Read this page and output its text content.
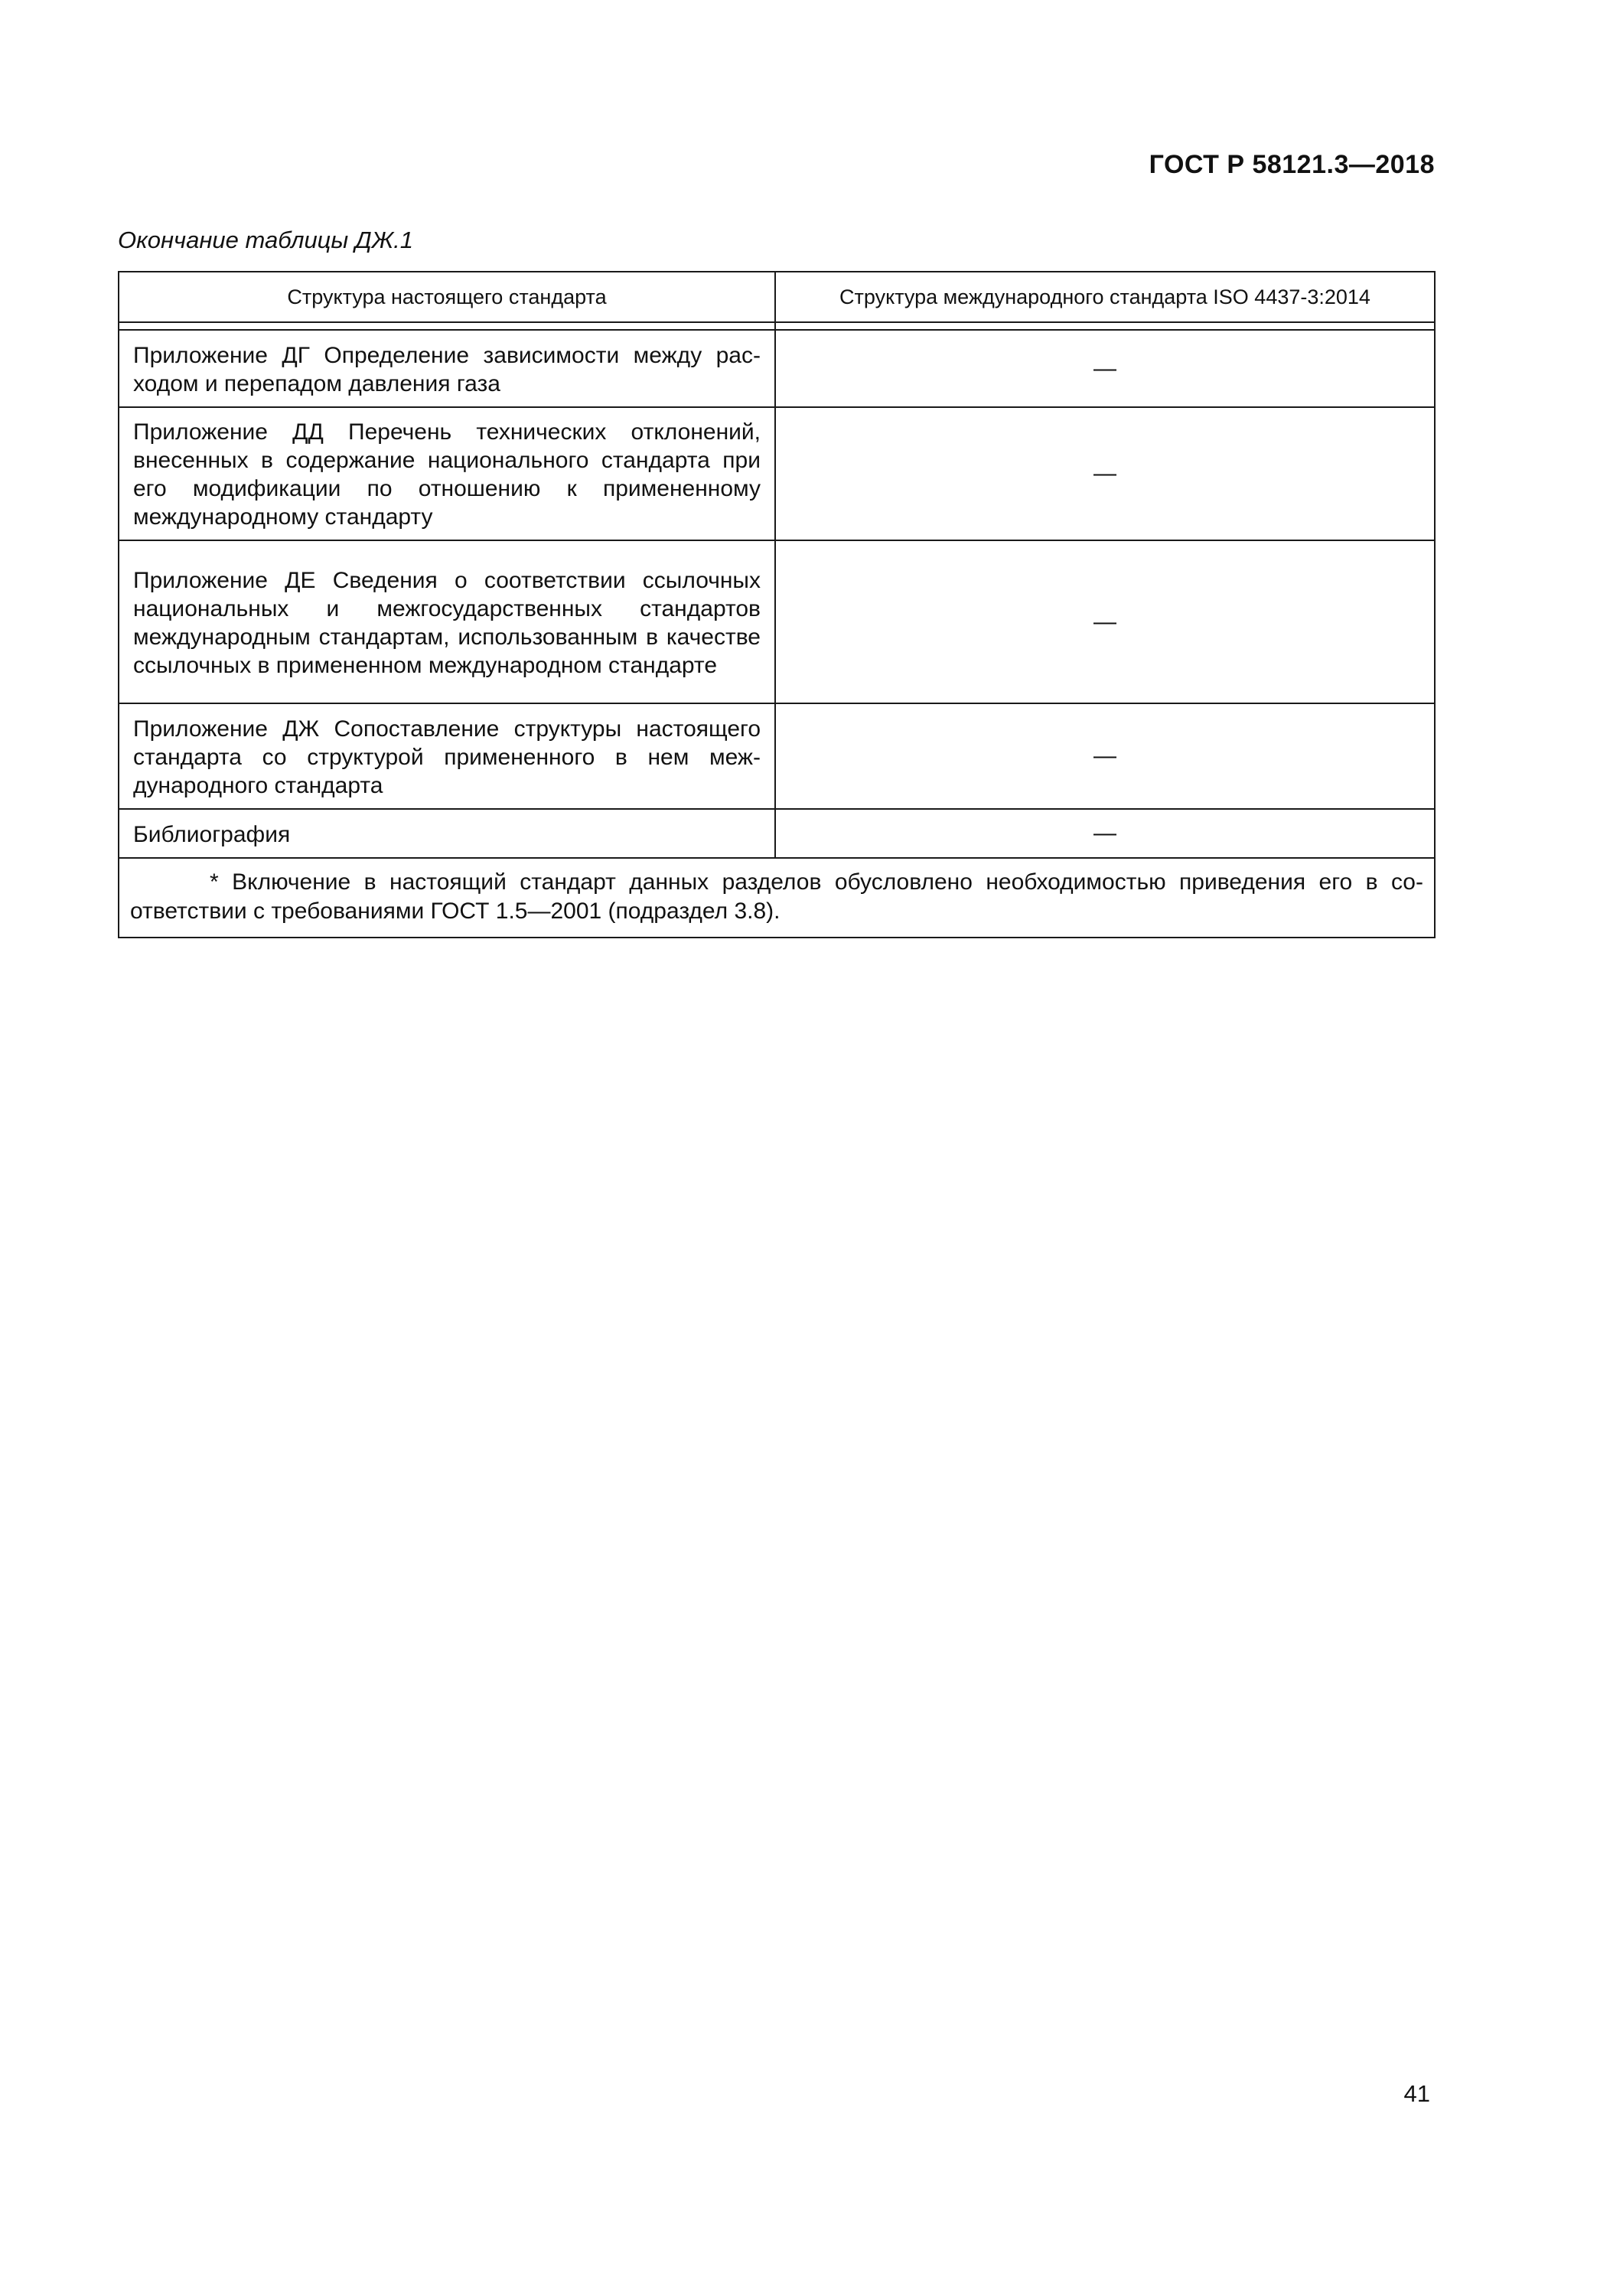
ГОСТ Р 58121.3—2018
Окончание таблицы ДЖ.1
Структура настоящего стандарта	Структура международного стандарта ISO 4437-3:2014

Приложение ДГ Определение зависимости между расходом и перепадом давления газа	—
Приложение ДД Перечень технических отклонений, внесенных в содержание национального стандарта при его модификации по отношению к примененному международному стандарту	—
Приложение ДЕ Сведения о соответствии ссылочных национальных и межгосударственных стандартов международным стандартам, использованным в качестве ссылочных в примененном международном стандарте	—
Приложение ДЖ Сопоставление структуры настоящего стандарта со структурой примененного в нем международного стандарта	—
Библиография	—
* Включение в настоящий стандарт данных разделов обусловлено необходимостью приведения его в соответствии с требованиями ГОСТ 1.5—2001 (подраздел 3.8).	
41
